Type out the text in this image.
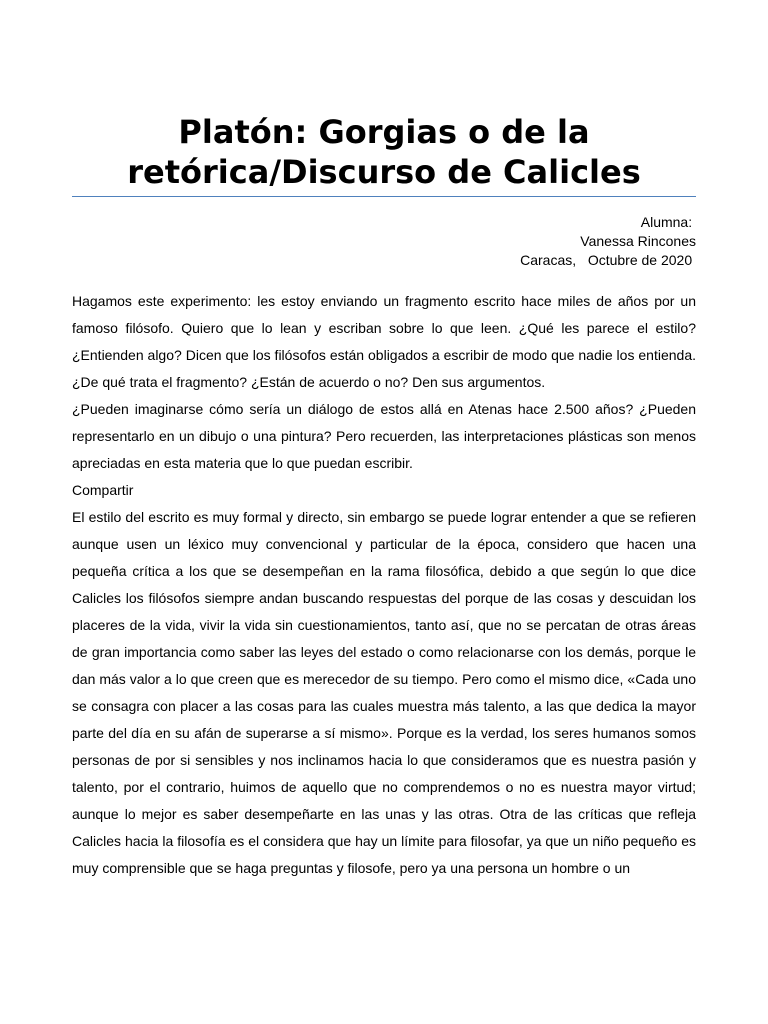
Platón: Gorgias o de la retórica/Discurso de Calicles
Alumna:
Vanessa Rincones
Caracas,   Octubre de 2020

Hagamos este experimento: les estoy enviando un fragmento escrito hace miles de años por un famoso filósofo. Quiero que lo lean y escriban sobre lo que leen. ¿Qué les parece el estilo? ¿Entienden algo? Dicen que los filósofos están obligados a escribir de modo que nadie los entienda. ¿De qué trata el fragmento? ¿Están de acuerdo o no? Den sus argumentos.

¿Pueden imaginarse cómo sería un diálogo de estos allá en Atenas hace 2.500 años? ¿Pueden representarlo en un dibujo o una pintura? Pero recuerden, las interpretaciones plásticas son menos apreciadas en esta materia que lo que puedan escribir.

Compartir

El estilo del escrito es muy formal y directo, sin embargo se puede lograr entender a que se refieren aunque usen un léxico muy convencional y particular de la época, considero que hacen una pequeña crítica a los que se desempeñan en la rama filosófica, debido a que según lo que dice Calicles los filósofos siempre andan buscando respuestas del porque de las cosas y descuidan los placeres de la vida, vivir la vida sin cuestionamientos, tanto así, que no se percatan de otras áreas de gran importancia como saber las leyes del estado o como relacionarse con los demás, porque le dan más valor a lo que creen que es merecedor de su tiempo. Pero como el mismo dice, «Cada uno se consagra con placer a las cosas para las cuales muestra más talento, a las que dedica la mayor parte del día en su afán de superarse a sí mismo». Porque es la verdad, los seres humanos somos personas de por si sensibles y nos inclinamos hacia lo que consideramos que es nuestra pasión y talento, por el contrario, huimos de aquello que no comprendemos o no es nuestra mayor virtud; aunque lo mejor es saber desempeñarte en las unas y las otras. Otra de las críticas que refleja Calicles hacia la filosofía es el considera que hay un límite para filosofar, ya que un niño pequeño es muy comprensible que se haga preguntas y filosofe, pero ya una persona un hombre o un
